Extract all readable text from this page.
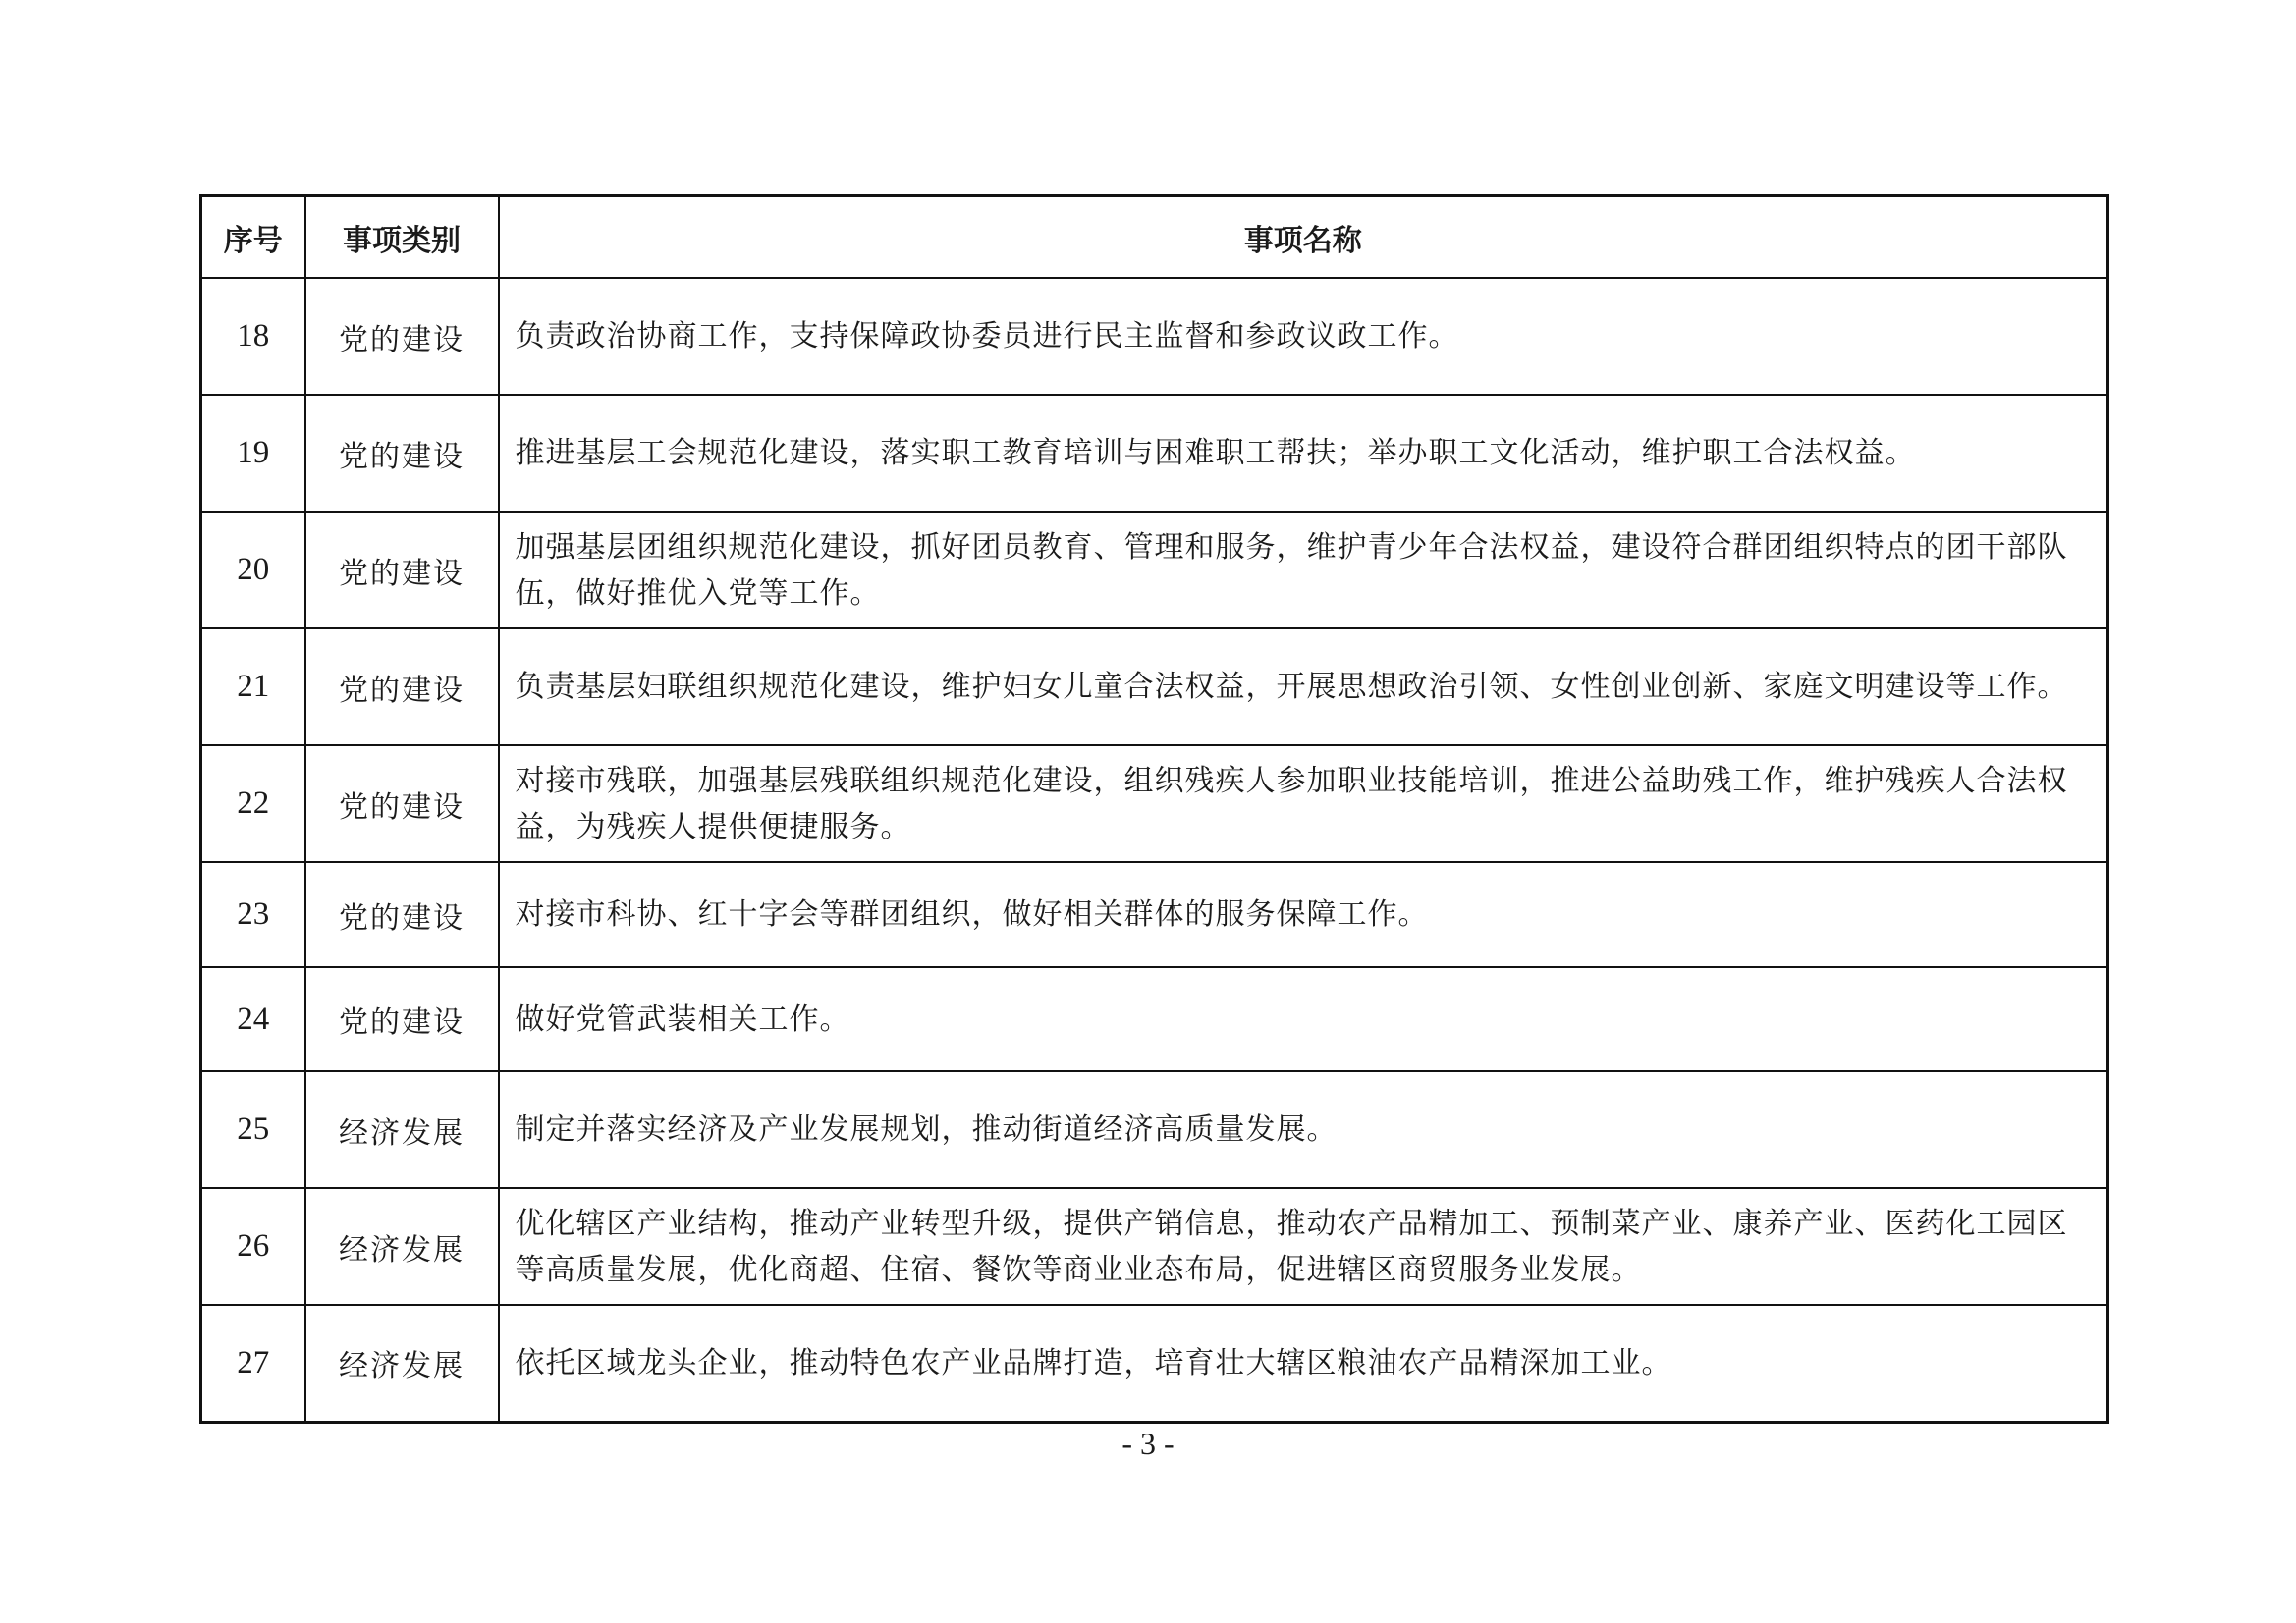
序号	事项类别	事项名称
18	党的建设	负责政治协商工作，支持保障政协委员进行民主监督和参政议政工作。
19	党的建设	推进基层工会规范化建设，落实职工教育培训与困难职工帮扶；举办职工文化活动，维护职工合法权益。
20	党的建设	加强基层团组织规范化建设，抓好团员教育、管理和服务，维护青少年合法权益，建设符合群团组织特点的团干部队伍，做好推优入党等工作。
21	党的建设	负责基层妇联组织规范化建设，维护妇女儿童合法权益，开展思想政治引领、女性创业创新、家庭文明建设等工作。
22	党的建设	对接市残联，加强基层残联组织规范化建设，组织残疾人参加职业技能培训，推进公益助残工作，维护残疾人合法权益，为残疾人提供便捷服务。
23	党的建设	对接市科协、红十字会等群团组织，做好相关群体的服务保障工作。
24	党的建设	做好党管武装相关工作。
25	经济发展	制定并落实经济及产业发展规划，推动街道经济高质量发展。
26	经济发展	优化辖区产业结构，推动产业转型升级，提供产销信息，推动农产品精加工、预制菜产业、康养产业、医药化工园区等高质量发展，优化商超、住宿、餐饮等商业业态布局，促进辖区商贸服务业发展。
27	经济发展	依托区域龙头企业，推动特色农产业品牌打造，培育壮大辖区粮油农产品精深加工业。
- 3 -
